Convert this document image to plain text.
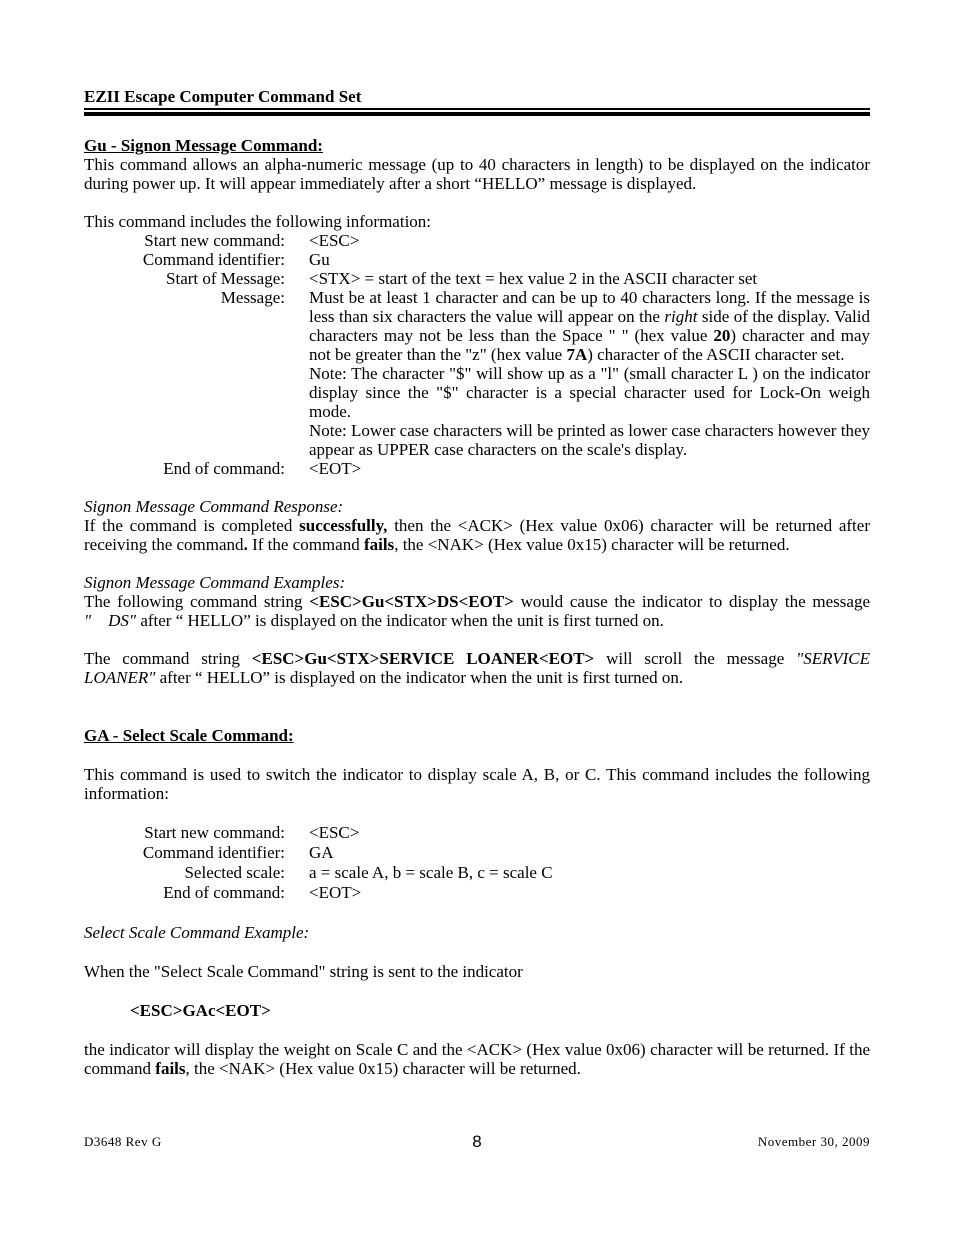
EZII Escape Computer Command Set
Gu - Signon Message Command:

This command allows an alpha-numeric message (up to 40 characters in length) to be displayed on the indicator during power up. It will appear immediately after a short “HELLO” message is displayed.

This command includes the following information:

Start new command: <ESC>
Command identifier: Gu
Start of Message: <STX> = start of the text = hex value 2 in the ASCII character set
Message: Must be at least 1 character and can be up to 40 characters long. If the message is less than six characters the value will appear on the right side of the display. Valid characters may not be less than the Space " " (hex value 20) character and may not be greater than the "z" (hex value 7A) character of the ASCII character set.

Note: The character "$" will show up as a "l" (small character L ) on the indicator display since the "$" character is a special character used for Lock-On weigh mode.

Note: Lower case characters will be printed as lower case characters however they appear as UPPER case characters on the scale's display.

End of command: <EOT>

Signon Message Command Response:

If the command is completed successfully, then the <ACK> (Hex value 0x06) character will be returned after receiving the command. If the command fails, the <NAK> (Hex value 0x15) character will be returned.

Signon Message Command Examples:

The following command string <ESC>Gu<STX>DS<EOT> would cause the indicator to display the message "    DS" after “ HELLO” is displayed on the indicator when the unit is first turned on.

The command string <ESC>Gu<STX>SERVICE LOANER<EOT> will scroll the message "SERVICE LOANER" after “ HELLO” is displayed on the indicator when the unit is first turned on.

GA - Select Scale Command:

This command is used to switch the indicator to display scale A, B, or C. This command includes the following information:

Start new command: <ESC>
Command identifier: GA
Selected scale: a = scale A, b = scale B, c = scale C
End of command: <EOT>

Select Scale Command Example:

When the "Select Scale Command" string is sent to the indicator

<ESC>GAc<EOT>

the indicator will display the weight on Scale C and the <ACK> (Hex value 0x06) character will be returned. If the command fails, the <NAK> (Hex value 0x15) character will be returned.

D3648 Rev G	8	November 30, 2009
